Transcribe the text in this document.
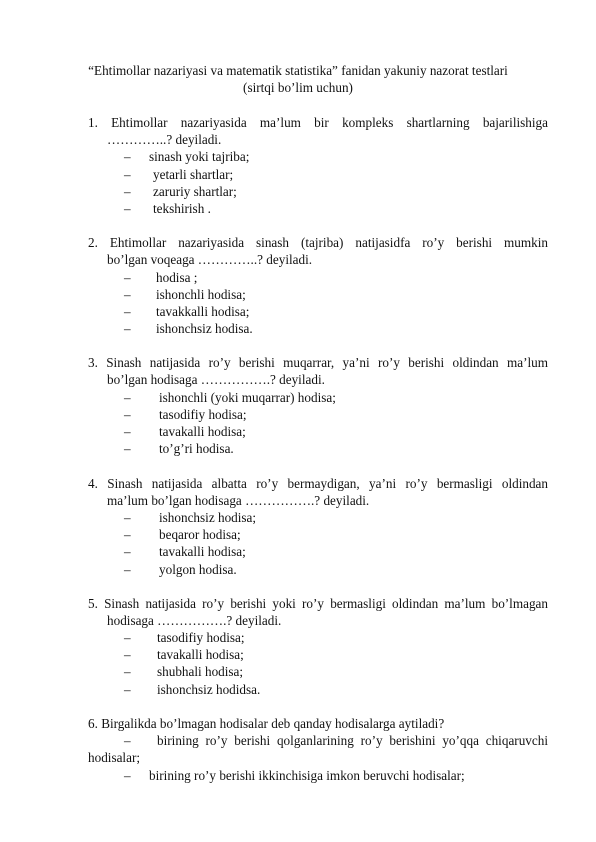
“Ehtimollar nazariyasi va matematik statistika” fanidan yakuniy nazorat testlari
(sirtqi bo’lim uchun)
1. Ehtimollar nazariyasida ma’lum bir kompleks shartlarning bajarilishiga
…………..? deyiladi.
– sinash yoki tajriba;
– yetarli shartlar;
– zaruriy shartlar;
– tekshirish .
2. Ehtimollar nazariyasida sinash (tajriba) natijasidfa ro’y berishi mumkin
bo’lgan voqeaga …………..? deyiladi.
– hodisa ;
– ishonchli hodisa;
– tavakkalli hodisa;
– ishonchsiz hodisa.
3. Sinash natijasida ro’y berishi muqarrar, ya’ni ro’y berishi oldindan ma’lum
bo’lgan hodisaga …………….? deyiladi.
– ishonchli (yoki muqarrar) hodisa;
– tasodifiy hodisa;
– tavakalli hodisa;
– to’g’ri hodisa.
4. Sinash natijasida albatta ro’y bermaydigan, ya’ni ro’y bermasligi oldindan
ma’lum bo’lgan hodisaga …………….? deyiladi.
– ishonchsiz hodisa;
– beqaror hodisa;
– tavakalli hodisa;
– yolgon hodisa.
5. Sinash natijasida ro’y berishi yoki ro’y bermasligi oldindan ma’lum bo’lmagan
hodisaga …………….? deyiladi.
– tasodifiy hodisa;
– tavakalli hodisa;
– shubhali hodisa;
– ishonchsiz hodidsa.
6. Birgalikda bo’lmagan hodisalar deb qanday hodisalarga aytiladi?
– birining ro’y berishi qolganlarining ro’y berishini yo’qqa chiqaruvchi
hodisalar;
– birining ro’y berishi ikkinchisiga imkon beruvchi hodisalar;
